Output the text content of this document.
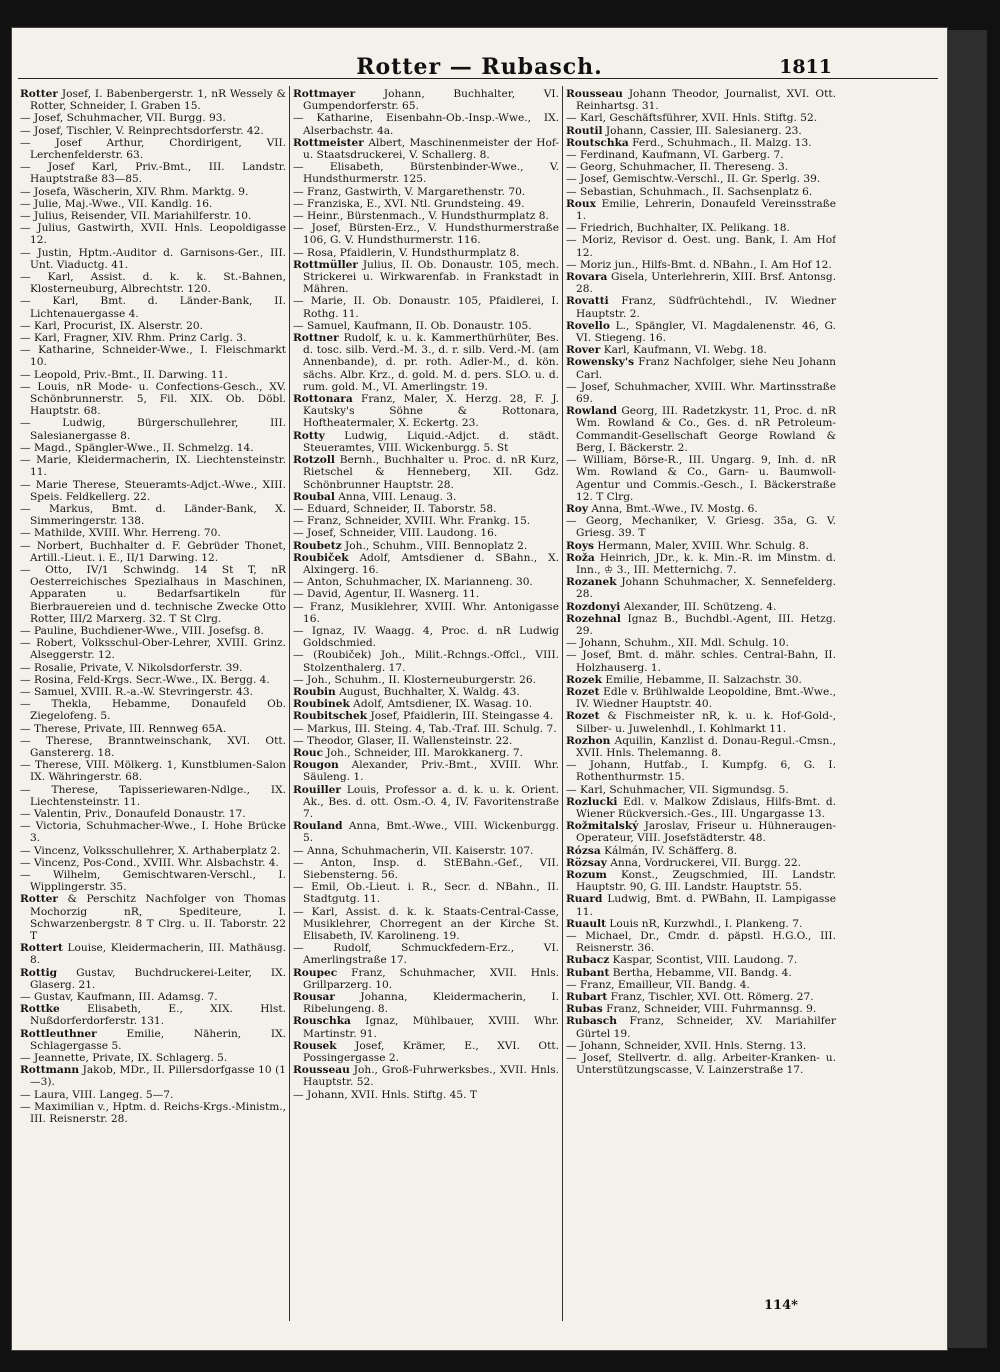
Rotter — Rubasch.	1811

Rotter Josef, I. Babenbergerstr. 1, nR Wessely & Rotter, Schneider, I. Graben 15.

— Josef, Schuhmacher, VII. Burgg. 93.

— Josef, Tischler, V. Reinprechtsdorferstr. 42.

— Josef Arthur, Chordirigent, VII. Lerchenfelderstr. 63.

— Josef Karl, Priv.-Bmt., III. Landstr. Hauptstraße 83—85.

— Josefa, Wäscherin, XIV. Rhm. Marktg. 9.

— Julie, Maj.-Wwe., VII. Kandlg. 16.

— Julius, Reisender, VII. Mariahilferstr. 10.

— Julius, Gastwirth, XVII. Hnls. Leopoldigasse 12.

— Justin, Hptm.-Auditor d. Garnisons-Ger., III. Unt. Viaductg. 41.

— Karl, Assist. d. k. k. St.-Bahnen, Klosterneuburg, Albrechtstr. 120.

— Karl, Bmt. d. Länder-Bank, II. Lichtenauergasse 4.

— Karl, Procurist, IX. Alserstr. 20.

— Karl, Fragner, XIV. Rhm. Prinz Carlg. 3.

— Katharine, Schneider-Wwe., I. Fleischmarkt 10.

— Leopold, Priv.-Bmt., II. Darwing. 11.

— Louis, nR Mode- u. Confections-Gesch., XV. Schönbrunnerstr. 5, Fil. XIX. Ob. Döbl. Hauptstr. 68.

— Ludwig, Bürgerschullehrer, III. Salesianergasse 8.

— Magd., Spängler-Wwe., II. Schmelzg. 14.

— Marie, Kleidermacherin, IX. Liechtensteinstr. 11.

— Marie Therese, Steueramts-Adjct.-Wwe., XIII. Speis. Feldkellerg. 22.

— Markus, Bmt. d. Länder-Bank, X. Simmeringerstr. 138.

— Mathilde, XVIII. Whr. Herreng. 70.

— Norbert, Buchhalter d. F. Gebrüder Thonet, Artill.-Lieut. i. E., II/1 Darwing. 12.

— Otto, IV/1 Schwindg. 14 St T, nR Oesterreichisches Spezialhaus in Maschinen, Apparaten u. Bedarfsartikeln für Bierbrauereien und d. technische Zwecke Otto Rotter, III/2 Marxerg. 32. T St Clrg.

— Pauline, Buchdiener-Wwe., VIII. Josefsg. 8.

— Robert, Volksschul-Ober-Lehrer, XVIII. Grinz. Alseggerstr. 12.

— Rosalie, Private, V. Nikolsdorferstr. 39.

— Rosina, Feld-Krgs. Secr.-Wwe., IX. Bergg. 4.

— Samuel, XVIII. R.-a.-W. Stevringerstr. 43.

— Thekla, Hebamme, Donaufeld Ob. Ziegelofeng. 5.

— Therese, Private, III. Rennweg 65A.

— Therese, Branntweinschank, XVI. Ott. Ganstererg. 18.

— Therese, VIII. Mölkerg. 1, Kunstblumen-Salon IX. Währingerstr. 68.

— Therese, Tapisseriewaren-Ndlge., IX. Liechtensteinstr. 11.

— Valentin, Priv., Donaufeld Donaustr. 17.

— Victoria, Schuhmacher-Wwe., I. Hohe Brücke 3.

— Vincenz, Volksschullehrer, X. Arthaberplatz 2.

— Vincenz, Pos-Cond., XVIII. Whr. Alsbachstr. 4.

— Wilhelm, Gemischtwaren-Verschl., I. Wipplingerstr. 35.

Rotter & Perschitz Nachfolger von Thomas Mochorzig nR, Spediteure, I. Schwarzenbergstr. 8 T Clrg. u. II. Taborstr. 22 T

Rottert Louise, Kleidermacherin, III. Mathäusg. 8.

Rottig Gustav, Buchdruckerei-Leiter, IX. Glaserg. 21.

— Gustav, Kaufmann, III. Adamsg. 7.

Rottke Elisabeth, E., XIX. Hlst. Nußdorferdorferstr. 131.

Rottleuthner Emilie, Näherin, IX. Schlagergasse 5.

— Jeannette, Private, IX. Schlagerg. 5.

Rottmann Jakob, MDr., II. Pillersdorfgasse 10 (1—3).

— Laura, VIII. Langeg. 5—7.

— Maximilian v., Hptm. d. Reichs-Krgs.-Ministm., III. Reisnerstr. 28.

Rottmayer Johann, Buchhalter, VI. Gumpendorferstr. 65.

— Katharine, Eisenbahn-Ob.-Insp.-Wwe., IX. Alserbachstr. 4a.

Rottmeister Albert, Maschinenmeister der Hof- u. Staatsdruckerei, V. Schallerg. 8.

— Elisabeth, Bürstenbinder-Wwe., V. Hundsthurmerstr. 125.

— Franz, Gastwirth, V. Margarethenstr. 70.

— Franziska, E., XVI. Ntl. Grundsteing. 49.

— Heinr., Bürstenmach., V. Hundsthurmplatz 8.

— Josef, Bürsten-Erz., V. Hundsthurmerstraße 106, G. V. Hundsthurmerstr. 116.

— Rosa, Pfaidlerin, V. Hundsthurmplatz 8.

Rottmüller Julius, II. Ob. Donaustr. 105, mech. Strickerei u. Wirkwarenfab. in Frankstadt in Mähren.

— Marie, II. Ob. Donaustr. 105, Pfaidlerei, I. Rothg. 11.

— Samuel, Kaufmann, II. Ob. Donaustr. 105.

Rottner Rudolf, k. u. k. Kammerthürhüter, Bes. d. tosc. silb. Verd.-M. 3., d. r. silb. Verd.-M. (am Annenbande), d. pr. roth. Adler-M., d. kön. sächs. Albr. Krz., d. gold. M. d. pers. SLO. u. d. rum. gold. M., VI. Amerlingstr. 19.

Rottonara Franz, Maler, X. Herzg. 28, F. J. Kautsky's Söhne & Rottonara, Hoftheatermaler, X. Eckertg. 23.

Rotty Ludwig, Liquid.-Adjct. d. städt. Steueramtes, VIII. Wickenburgg. 5. St

Rotzoll Bernh., Buchhalter u. Proc. d. nR Kurz, Rietschel & Henneberg, XII. Gdz. Schönbrunner Hauptstr. 28.

Roubal Anna, VIII. Lenaug. 3.

— Eduard, Schneider, II. Taborstr. 58.

— Franz, Schneider, XVIII. Whr. Frankg. 15.

— Josef, Schneider, VIII. Laudong. 16.

Roubetz Joh., Schuhm., VIII. Bennoplatz 2.

Roubiček Adolf, Amtsdiener d. SBahn., X. Alxingerg. 16.

— Anton, Schuhmacher, IX. Marianneng. 30.

— David, Agentur, II. Wasnerg. 11.

— Franz, Musiklehrer, XVIII. Whr. Antonigasse 16.

— Ignaz, IV. Waagg. 4, Proc. d. nR Ludwig Goldschmied.

— (Roubiček) Joh., Milit.-Rchngs.-Offcl., VIII. Stolzenthalerg. 17.

— Joh., Schuhm., II. Klosterneuburgerstr. 26.

Roubin August, Buchhalter, X. Waldg. 43.

Roubinek Adolf, Amtsdiener, IX. Wasag. 10.

Roubitschek Josef, Pfaidlerin, III. Steingasse 4.

— Markus, III. Steing. 4, Tab.-Traf. III. Schulg. 7.

— Theodor, Glaser, II. Wallensteinstr. 22.

Rouc Joh., Schneider, III. Marokkanerg. 7.

Rougon Alexander, Priv.-Bmt., XVIII. Whr. Säuleng. 1.

Rouiller Louis, Professor a. d. k. u. k. Orient. Ak., Bes. d. ott. Osm.-O. 4, IV. Favoritenstraße 7.

Rouland Anna, Bmt.-Wwe., VIII. Wickenburgg. 5.

— Anna, Schuhmacherin, VII. Kaiserstr. 107.

— Anton, Insp. d. StEBahn.-Gef., VII. Siebensterng. 56.

— Emil, Ob.-Lieut. i. R., Secr. d. NBahn., II. Stadtgutg. 11.

— Karl, Assist. d. k. k. Staats-Central-Casse, Musiklehrer, Chorregent an der Kirche St. Elisabeth, IV. Karolineng. 19.

— Rudolf, Schmuckfedern-Erz., VI. Amerlingstraße 17.

Roupec Franz, Schuhmacher, XVII. Hnls. Grillparzerg. 10.

Rousar Johanna, Kleidermacherin, I. Ribelungeng. 8.

Rouschka Ignaz, Mühlbauer, XVIII. Whr. Martinstr. 91.

Rousek Josef, Krämer, E., XVI. Ott. Possingergasse 2.

Rousseau Joh., Groß-Fuhrwerksbes., XVII. Hnls. Hauptstr. 52.

— Johann, XVII. Hnls. Stiftg. 45. T

Rousseau Johann Theodor, Journalist, XVI. Ott. Reinhartsg. 31.

— Karl, Geschäftsführer, XVII. Hnls. Stiftg. 52.

Routil Johann, Cassier, III. Salesianerg. 23.

Routschka Ferd., Schuhmach., II. Malzg. 13.

— Ferdinand, Kaufmann, VI. Garberg. 7.

— Georg, Schuhmacher, II. Thereseng. 3.

— Josef, Gemischtw.-Verschl., II. Gr. Sperlg. 39.

— Sebastian, Schuhmach., II. Sachsenplatz 6.

Roux Emilie, Lehrerin, Donaufeld Vereinsstraße 1.

— Friedrich, Buchhalter, IX. Pelikang. 18.

— Moriz, Revisor d. Oest. ung. Bank, I. Am Hof 12.

— Moriz jun., Hilfs-Bmt. d. NBahn., I. Am Hof 12.

Rovara Gisela, Unterlehrerin, XIII. Brsf. Antonsg. 28.

Rovatti Franz, Südfrüchtehdl., IV. Wiedner Hauptstr. 2.

Rovello L., Spängler, VI. Magdalenenstr. 46, G. VI. Stiegeng. 16.

Rover Karl, Kaufmann, VI. Webg. 18.

Rowensky's Franz Nachfolger, siehe Neu Johann Carl.

— Josef, Schuhmacher, XVIII. Whr. Martinsstraße 69.

Rowland Georg, III. Radetzkystr. 11, Proc. d. nR Wm. Rowland & Co., Ges. d. nR Petroleum-Commandit-Gesellschaft George Rowland & Berg, I. Bäckerstr. 2.

— William, Börse-R., III. Ungarg. 9, Inh. d. nR Wm. Rowland & Co., Garn- u. Baumwoll-Agentur und Commis.-Gesch., I. Bäckerstraße 12. T Clrg.

Roy Anna, Bmt.-Wwe., IV. Mostg. 6.

— Georg, Mechaniker, V. Griesg. 35a, G. V. Griesg. 39. T

Roys Hermann, Maler, XVIII. Whr. Schulg. 8.

Roža Heinrich, JDr., k. k. Min.-R. im Minstm. d. Inn., ♔ 3., III. Metternichg. 7.

Rozanek Johann Schuhmacher, X. Sennefelderg. 28.

Rozdonyi Alexander, III. Schützeng. 4.

Rozehnal Ignaz B., Buchdbl.-Agent, III. Hetzg. 29.

— Johann, Schuhm., XII. Mdl. Schulg. 10.

— Josef, Bmt. d. mähr. schles. Central-Bahn, II. Holzhauserg. 1.

Rozek Emilie, Hebamme, II. Salzachstr. 30.

Rozet Edle v. Brühlwalde Leopoldine, Bmt.-Wwe., IV. Wiedner Hauptstr. 40.

Rozet & Fischmeister nR, k. u. k. Hof-Gold-, Silber- u. Juwelenhdl., I. Kohlmarkt 11.

Rozhon Aquilin, Kanzlist d. Donau-Regul.-Cmsn., XVII. Hnls. Thelemanng. 8.

— Johann, Hutfab., I. Kumpfg. 6, G. I. Rothenthurmstr. 15.

— Karl, Schuhmacher, VII. Sigmundsg. 5.

Rozlucki Edl. v. Malkow Zdislaus, Hilfs-Bmt. d. Wiener Rückversich.-Ges., III. Ungargasse 13.

Rožmitalský Jaroslav, Friseur u. Hühneraugen-Operateur, VIII. Josefstädterstr. 48.

Rózsa Kálmán, IV. Schäfferg. 8.

Rözsay Anna, Vordruckerei, VII. Burgg. 22.

Rozum Konst., Zeugschmied, III. Landstr. Hauptstr. 90, G. III. Landstr. Hauptstr. 55.

Ruard Ludwig, Bmt. d. PWBahn, II. Lampigasse 11.

Ruault Louis nR, Kurzwhdl., I. Plankeng. 7.

— Michael, Dr., Cmdr. d. päpstl. H.G.O., III. Reisnerstr. 36.

Rubacz Kaspar, Scontist, VIII. Laudong. 7.

Rubant Bertha, Hebamme, VII. Bandg. 4.

— Franz, Emailleur, VII. Bandg. 4.

Rubart Franz, Tischler, XVI. Ott. Römerg. 27.

Rubas Franz, Schneider, VIII. Fuhrmannsg. 9.

Rubasch Franz, Schneider, XV. Mariahilfer Gürtel 19.

— Johann, Schneider, XVII. Hnls. Sterng. 13.

— Josef, Stellvertr. d. allg. Arbeiter-Kranken- u. Unterstützungscasse, V. Lainzerstraße 17.

114*
